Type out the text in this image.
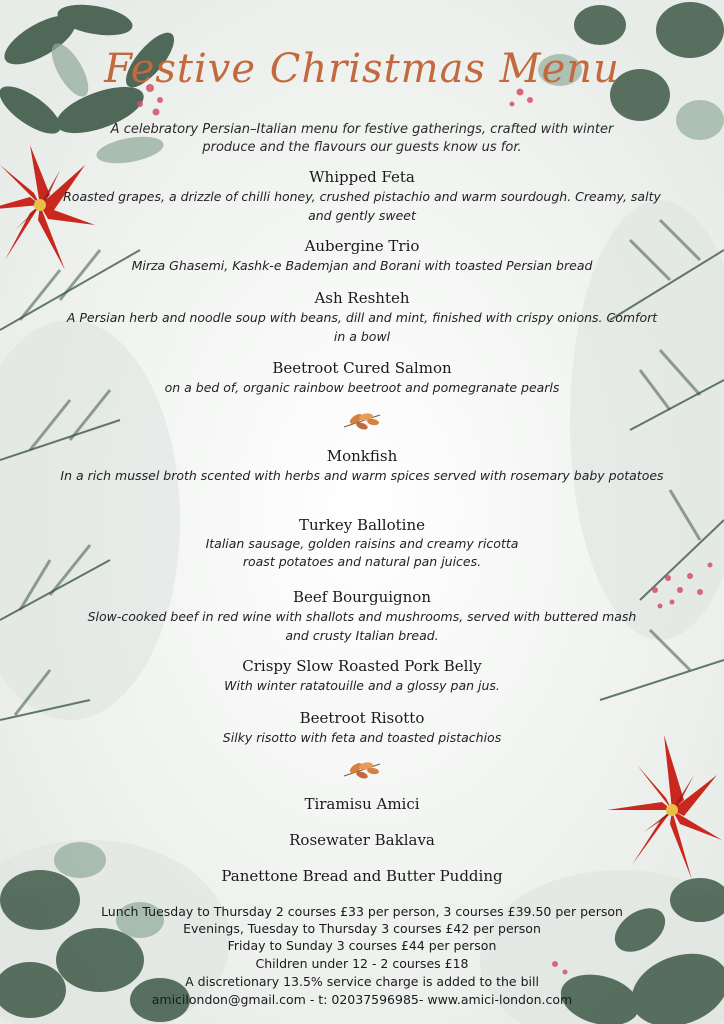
Festive Christmas Menu
A celebratory Persian–Italian menu for festive gatherings, crafted with winter produce and the flavours our guests know us for.
Whipped Feta
Roasted grapes, a drizzle of chilli honey, crushed pistachio and warm sourdough. Creamy, salty and gently sweet
Aubergine Trio
Mirza Ghasemi, Kashk-e Bademjan and Borani with toasted Persian bread
Ash Reshteh
A Persian herb and noodle soup with beans, dill and mint, finished with crispy onions. Comfort in a bowl
Beetroot Cured Salmon
on a bed of, organic rainbow beetroot and pomegranate pearls
Monkfish
In a rich mussel broth scented with herbs and warm spices served with rosemary baby potatoes
Turkey Ballotine
Italian sausage, golden raisins and creamy ricotta roast potatoes and natural pan juices.
Beef Bourguignon
Slow-cooked beef in red wine with shallots and mushrooms, served with buttered mash and crusty Italian bread.
Crispy Slow Roasted Pork Belly
With winter ratatouille and a glossy pan jus.
Beetroot Risotto
Silky risotto with feta and toasted pistachios
Tiramisu Amici
Rosewater Baklava
Panettone Bread and Butter Pudding
Lunch Tuesday to Thursday 2 courses £33 per person, 3 courses £39.50 per person
Evenings, Tuesday to Thursday 3 courses £42 per person
Friday to Sunday 3 courses £44 per person
Children under 12 - 2 courses £18
A discretionary 13.5% service charge is added to the bill
amicilondon@gmail.com - t: 02037596985- www.amici-london.com
